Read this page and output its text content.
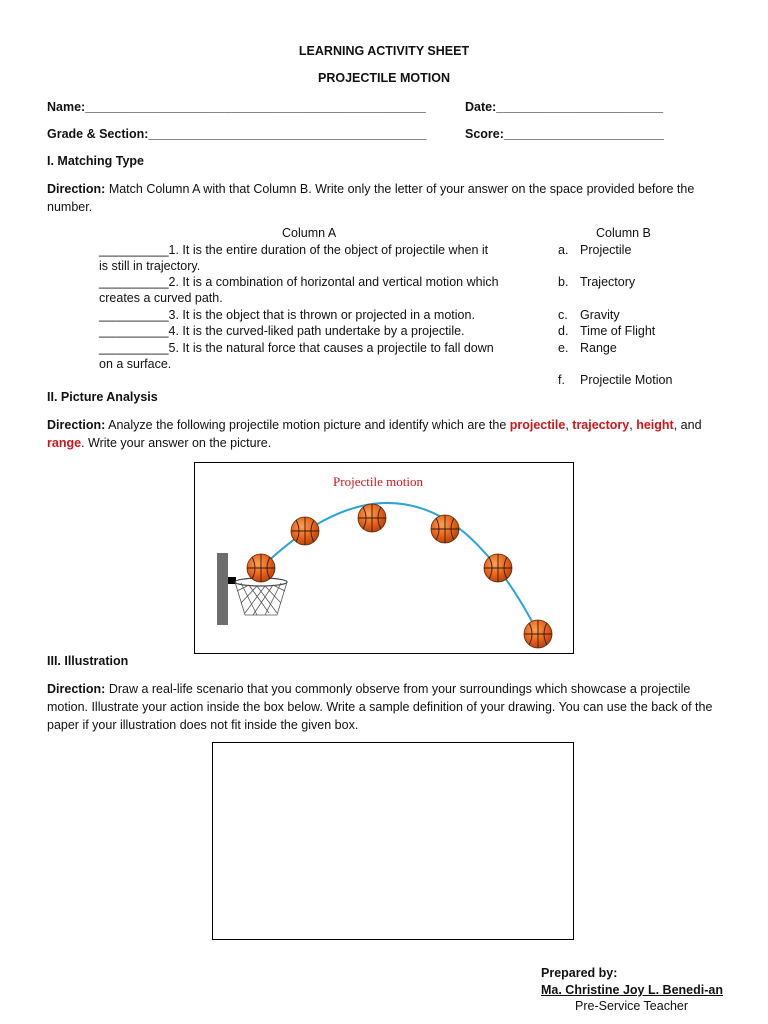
LEARNING ACTIVITY SHEET
PROJECTILE MOTION
Name:_________________________________________________	Date:________________________
Grade & Section:________________________________________	Score:_______________________
I. Matching Type
Direction: Match Column A with that Column B. Write only the letter of your answer on the space provided before the number.
Column A	Column B
__________1. It is the entire duration of the object of projectile when it
is still in trajectory.
__________2. It is a combination of horizontal and vertical motion which
creates a curved path.
__________3. It is the object that is thrown or projected in a motion.
__________4. It is the curved-liked path undertake by a projectile.
__________5. It is the natural force that causes a projectile to fall down
on a surface.
a. Projectile
b. Trajectory
c. Gravity
d. Time of Flight
e. Range
f. Projectile Motion
II. Picture Analysis
Direction: Analyze the following projectile motion picture and identify which are the projectile, trajectory, height, and
range. Write your answer on the picture.
Projectile motion
III. Illustration
Direction: Draw a real-life scenario that you commonly observe from your surroundings which showcase a projectile motion. Illustrate your action inside the box below. Write a sample definition of your drawing. You can use the back of the paper if your illustration does not fit inside the given box.
Prepared by:
Ma. Christine Joy L. Benedi-an
Pre-Service Teacher
